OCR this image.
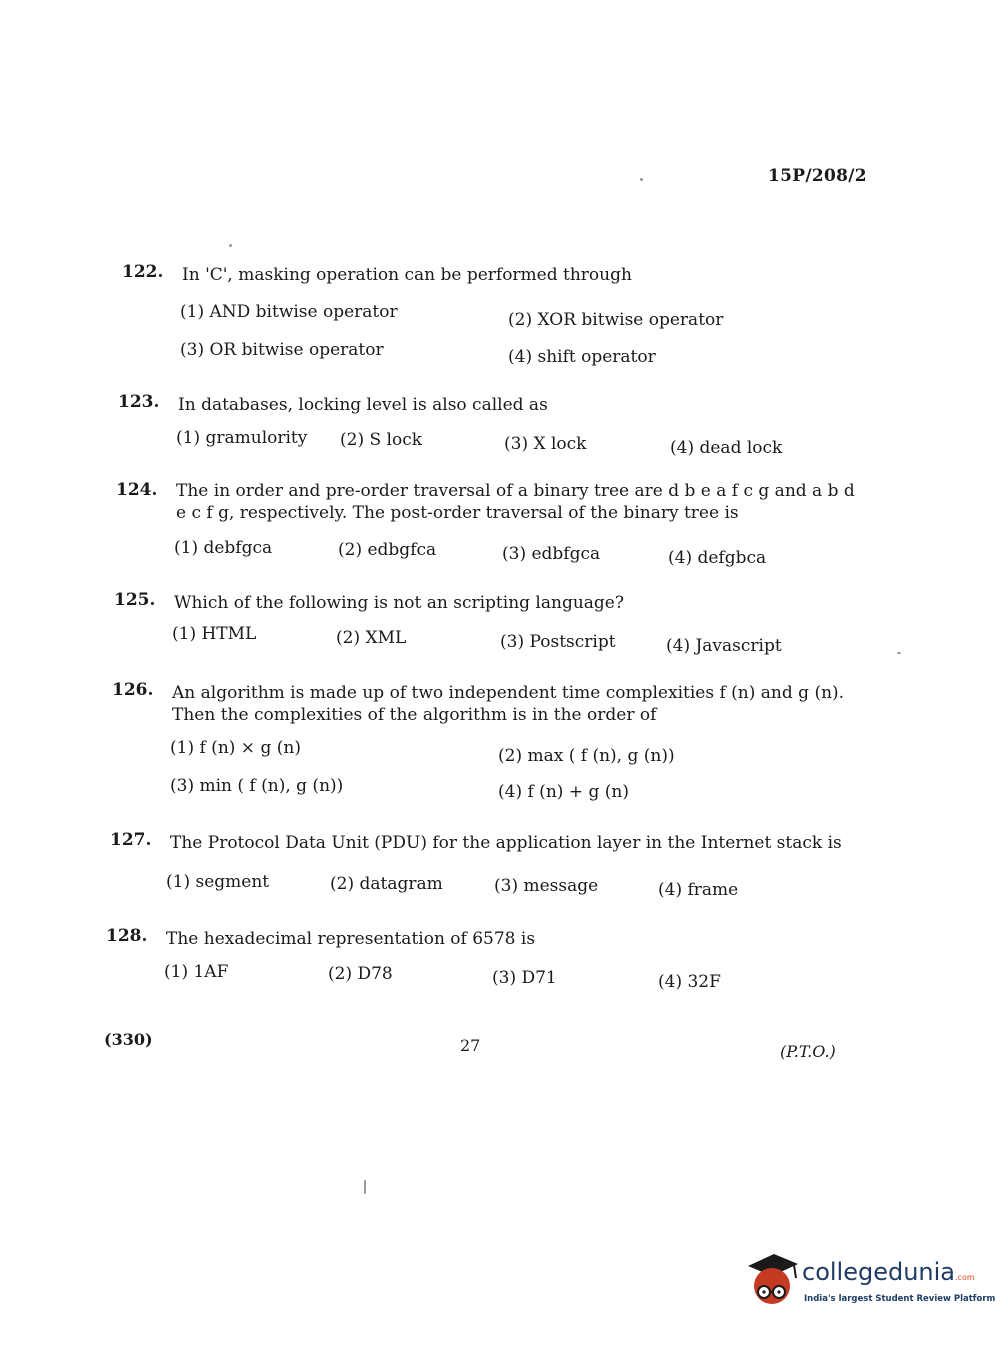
15P/208/2
122. In 'C', masking operation can be performed through
(1) AND bitwise operator	(2) XOR bitwise operator
(3) OR bitwise operator	(4) shift operator
123. In databases, locking level is also called as
(1) gramulority (2) S lock	(3) X lock	(4) dead lock
124. The in order and pre-order traversal of a binary tree are d b e a f c g and a b d e c f g, respectively. The post-order traversal of the binary tree is
(1) debfgca	(2) edbgfca	(3) edbfgca	(4) defgbca
125. Which of the following is not an scripting language?
(1) HTML	(2) XML	(3) Postscript	(4) Javascript
126. An algorithm is made up of two independent time complexities f (n) and g (n). Then the complexities of the algorithm is in the order of
(1) f (n) × g (n)	(2) max ( f (n), g (n))
(3) min ( f (n), g (n))	(4) f (n) + g (n)
127. The Protocol Data Unit (PDU) for the application layer in the Internet stack is
(1) segment	(2) datagram	(3) message	(4) frame
128. The hexadecimal representation of 6578 is
(1) 1AF	(2) D78	(3) D71	(4) 32F
(330)	27	(P.T.O.)
collegedunia.com
India's largest Student Review Platform
